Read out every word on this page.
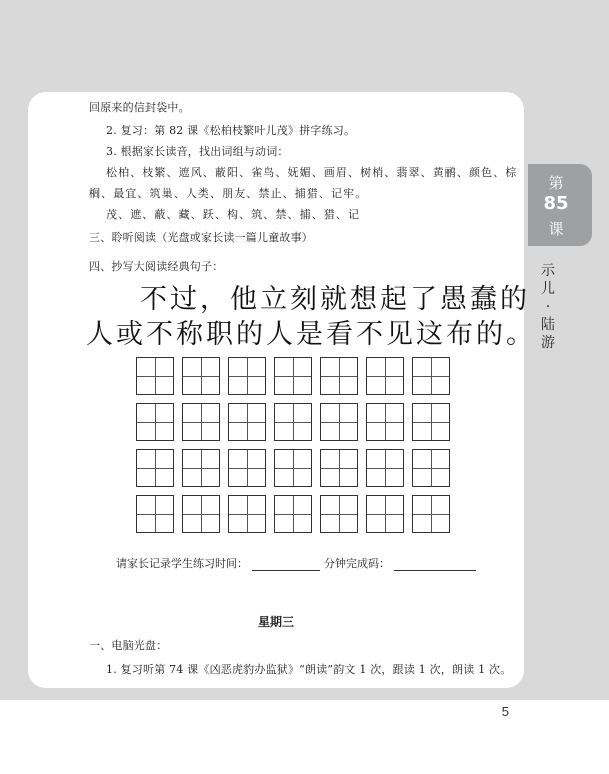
回原来的信封袋中。
2. 复习：第 82 课《松柏枝繁叶儿茂》拼字练习。
3. 根据家长读音，找出词组与动词：
松柏、枝繁、遮风、蔽阳、雀鸟、妩媚、画眉、树梢、翡翠、黄鹂、颜色、棕
榈、最宜、筑巢、人类、朋友、禁止、捕猎、记牢。
茂、遮、蔽、藏、跃、构、筑、禁、捕、猎、记
三、聆听阅读（光盘或家长读一篇儿童故事）
四、抄写大阅读经典句子：
不过，他立刻就想起了愚蠢的
人或不称职的人是看不见这布的。
请家长记录学生练习时间：	分钟完成码：
星期三
一、电脑光盘：
1. 复习听第 74 课《凶恶虎豹办监狱》“朗读”韵文 1 次，跟读 1 次，朗读 1 次。
第
85
课
示
儿
·
陆
游
5
